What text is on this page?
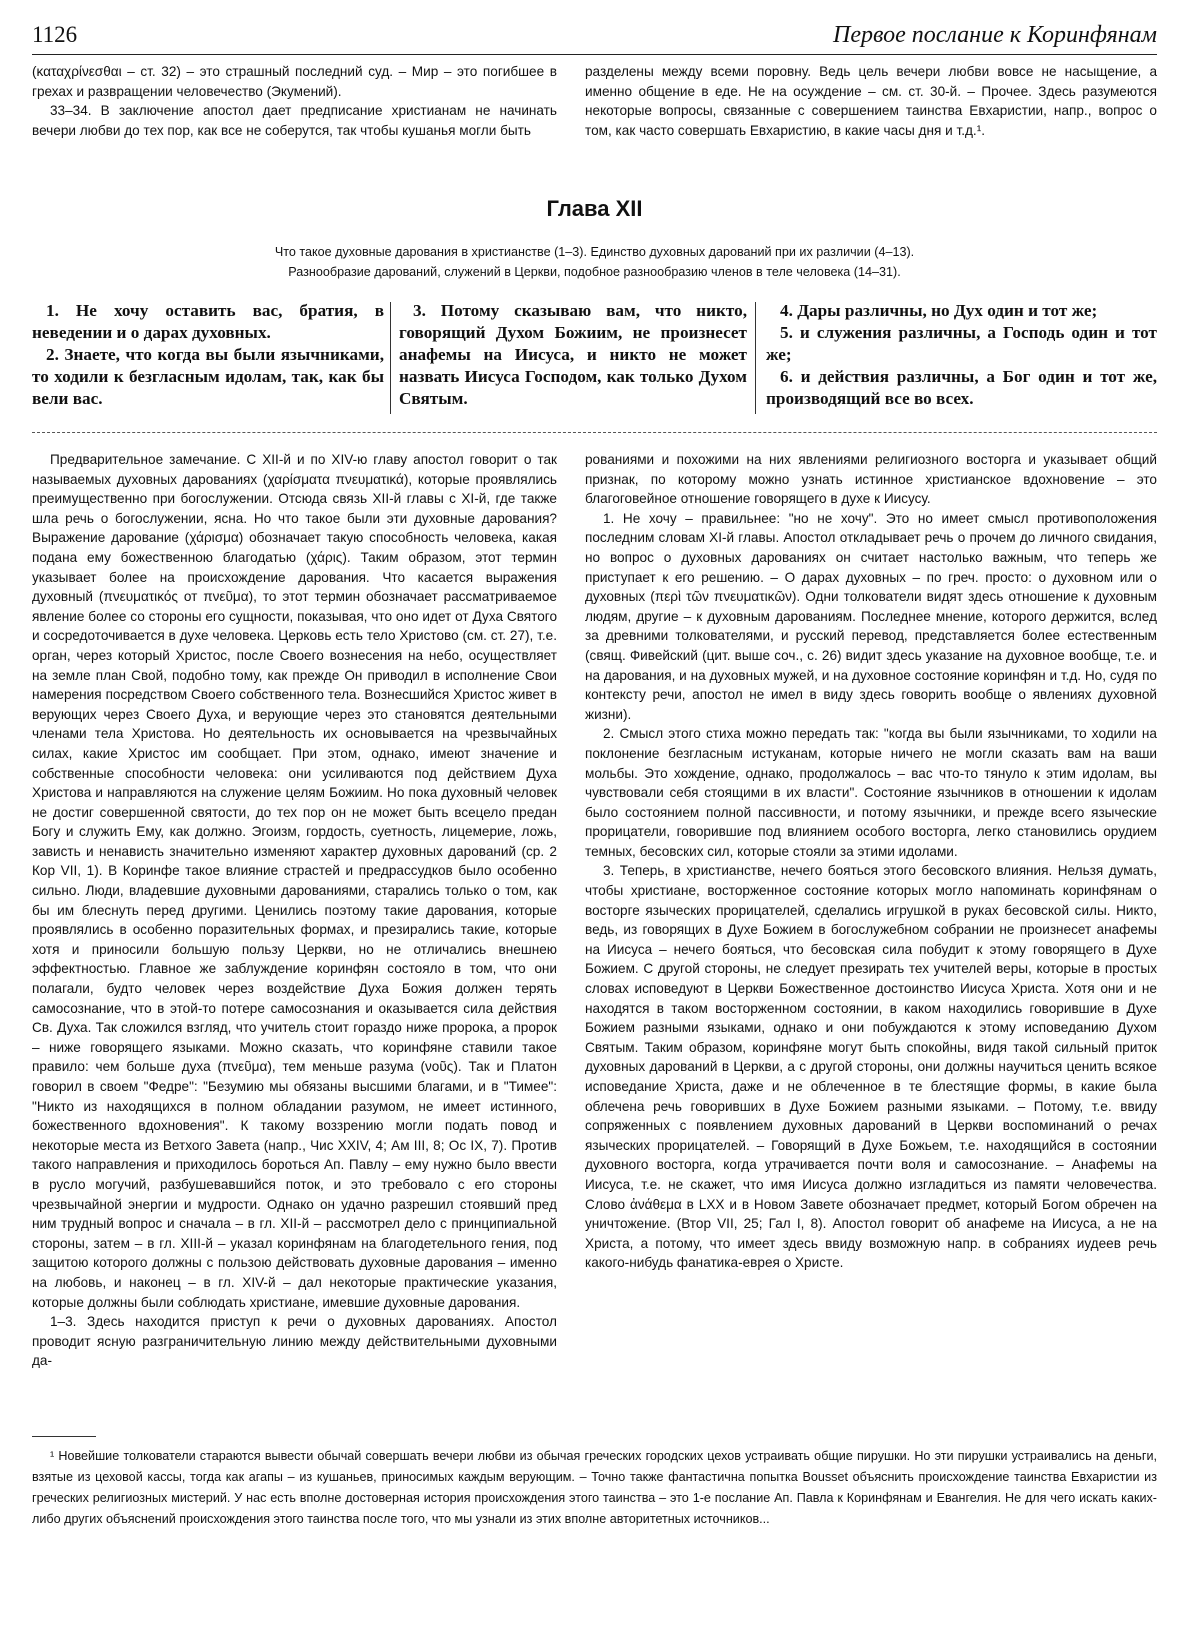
1126	Первое послание к Коринфянам

(καταχρίνεσθαι – ст. 32) – это страшный последний суд. – Мир – это погибшее в грехах и развращении человечество (Экумений).

33–34. В заключение апостол дает предписание христианам не начинать вечери любви до тех пор, как все не соберутся, так чтобы кушанья могли быть

разделены между всеми поровну. Ведь цель вечери любви вовсе не насыщение, а именно общение в еде. Не на осуждение – см. ст. 30-й. – Прочее. Здесь разумеются некоторые вопросы, связанные с совершением таинства Евхаристии, напр., вопрос о том, как часто совершать Евхаристию, в какие часы дня и т.д.¹.

Глава XII
Что такое духовные дарования в христианстве (1–3). Единство духовных дарований при их различии (4–13).
Разнообразие дарований, служений в Церкви, подобное разнообразию членов в теле человека (14–31).

1. Не хочу оставить вас, братия, в неведении и о дарах духовных.

2. Знаете, что когда вы были язычниками, то ходили к безгласным идолам, так, как бы вели вас.

3. Потому сказываю вам, что никто, говорящий Духом Божиим, не произнесет анафемы на Иисуса, и никто не может назвать Иисуса Господом, как только Духом Святым.

4. Дары различны, но Дух один и тот же;

5. и служения различны, а Господь один и тот же;

6. и действия различны, а Бог один и тот же, производящий все во всех.

Предварительное замечание. С XII-й и по XIV-ю главу апостол говорит о так называемых духовных дарованиях (χαρίσματα πνευματικά), которые проявлялись преимущественно при богослужении. Отсюда связь XII-й главы с XI-й, где также шла речь о богослужении, ясна. Но что такое были эти духовные дарования? Выражение дарование (χάρισμα) обозначает такую способность человека, какая подана ему божественною благодатью (χάρις). Таким образом, этот термин указывает более на происхождение дарования. Что касается выражения духовный (πνευματικός от πνεῦμα), то этот термин обозначает рассматриваемое явление более со стороны его сущности, показывая, что оно идет от Духа Святого и сосредоточивается в духе человека. Церковь есть тело Христово (см. ст. 27), т.е. орган, через который Христос, после Своего вознесения на небо, осуществляет на земле план Свой, подобно тому, как прежде Он приводил в исполнение Свои намерения посредством Своего собственного тела. Вознесшийся Христос живет в верующих через Своего Духа, и верующие через это становятся деятельными членами тела Христова. Но деятельность их основывается на чрезвычайных силах, какие Христос им сообщает. При этом, однако, имеют значение и собственные способности человека: они усиливаются под действием Духа Христова и направляются на служение целям Божиим. Но пока духовный человек не достиг совершенной святости, до тех пор он не может быть всецело предан Богу и служить Ему, как должно. Эгоизм, гордость, суетность, лицемерие, ложь, зависть и ненависть значительно изменяют характер духовных дарований (ср. 2 Кор VII, 1). В Коринфе такое влияние страстей и предрассудков было особенно сильно. Люди, владевшие духовными дарованиями, старались только о том, как бы им блеснуть перед другими. Ценились поэтому такие дарования, которые проявлялись в особенно поразительных формах, и презирались такие, которые хотя и приносили большую пользу Церкви, но не отличались внешнею эффектностью. Главное же заблуждение коринфян состояло в том, что они полагали, будто человек через воздействие Духа Божия должен терять самосознание, что в этой-то потере самосознания и оказывается сила действия Св. Духа. Так сложился взгляд, что учитель стоит гораздо ниже пророка, а пророк – ниже говорящего языками. Можно сказать, что коринфяне ставили такое правило: чем больше духа (πνεῦμα), тем меньше разума (νοῦς). Так и Платон говорил в своем "Федре": "Безумию мы обязаны высшими благами, и в "Тимее": "Никто из находящихся в полном обладании разумом, не имеет истинного, божественного вдохновения". К такому воззрению могли подать повод и некоторые места из Ветхого Завета (напр., Чис XXIV, 4; Ам III, 8; Ос IX, 7). Против такого направления и приходилось бороться Ап. Павлу – ему нужно было ввести в русло могучий, разбушевавшийся поток, и это требовало с его стороны чрезвычайной энергии и мудрости. Однако он удачно разрешил стоявший пред ним трудный вопрос и сначала – в гл. XII-й – рассмотрел дело с принципиальной стороны, затем – в гл. XIII-й – указал коринфянам на благодетельного гения, под защитою которого должны с пользою действовать духовные дарования – именно на любовь, и наконец – в гл. XIV-й – дал некоторые практические указания, которые должны были соблюдать христиане, имевшие духовные дарования.

1–3. Здесь находится приступ к речи о духовных дарованиях. Апостол проводит ясную разграничительную линию между действительными духовными да-

рованиями и похожими на них явлениями религиозного восторга и указывает общий признак, по которому можно узнать истинное христианское вдохновение – это благоговейное отношение говорящего в духе к Иисусу.

1. Не хочу – правильнее: "но не хочу". Это но имеет смысл противоположения последним словам XI-й главы. Апостол откладывает речь о прочем до личного свидания, но вопрос о духовных дарованиях он считает настолько важным, что теперь же приступает к его решению. – О дарах духовных – по греч. просто: о духовном или о духовных (περὶ τῶν πνευματικῶν). Одни толкователи видят здесь отношение к духовным людям, другие – к духовным дарованиям. Последнее мнение, которого держится, вслед за древними толкователями, и русский перевод, представляется более естественным (свящ. Фивейский (цит. выше соч., с. 26) видит здесь указание на духовное вообще, т.е. и на дарования, и на духовных мужей, и на духовное состояние коринфян и т.д. Но, судя по контексту речи, апостол не имел в виду здесь говорить вообще о явлениях духовной жизни).

2. Смысл этого стиха можно передать так: "когда вы были язычниками, то ходили на поклонение безгласным истуканам, которые ничего не могли сказать вам на ваши мольбы. Это хождение, однако, продолжалось – вас что-то тянуло к этим идолам, вы чувствовали себя стоящими в их власти". Состояние язычников в отношении к идолам было состоянием полной пассивности, и потому язычники, и прежде всего языческие прорицатели, говорившие под влиянием особого восторга, легко становились орудием темных, бесовских сил, которые стояли за этими идолами.

3. Теперь, в христианстве, нечего бояться этого бесовского влияния. Нельзя думать, чтобы христиане, восторженное состояние которых могло напоминать коринфянам о восторге языческих прорицателей, сделались игрушкой в руках бесовской силы. Никто, ведь, из говорящих в Духе Божием в богослужебном собрании не произнесет анафемы на Иисуса – нечего бояться, что бесовская сила побудит к этому говорящего в Духе Божием. С другой стороны, не следует презирать тех учителей веры, которые в простых словах исповедуют в Церкви Божественное достоинство Иисуса Христа. Хотя они и не находятся в таком восторженном состоянии, в каком находились говорившие в Духе Божием разными языками, однако и они побуждаются к этому исповеданию Духом Святым. Таким образом, коринфяне могут быть спокойны, видя такой сильный приток духовных дарований в Церкви, а с другой стороны, они должны научиться ценить всякое исповедание Христа, даже и не облеченное в те блестящие формы, в какие была облечена речь говоривших в Духе Божием разными языками. – Потому, т.е. ввиду сопряженных с появлением духовных дарований в Церкви воспоминаний о речах языческих прорицателей. – Говорящий в Духе Божьем, т.е. находящийся в состоянии духовного восторга, когда утрачивается почти воля и самосознание. – Анафемы на Иисуса, т.е. не скажет, что имя Иисуса должно изгладиться из памяти человечества. Слово ἀνάθεμα в LXX и в Новом Завете обозначает предмет, который Богом обречен на уничтожение. (Втор VII, 25; Гал I, 8). Апостол говорит об анафеме на Иисуса, а не на Христа, а потому, что имеет здесь ввиду возможную напр. в собраниях иудеев речь какого-нибудь фанатика-еврея о Христе.

¹ Новейшие толкователи стараются вывести обычай совершать вечери любви из обычая греческих городских цехов устраивать общие пирушки. Но эти пирушки устраивались на деньги, взятые из цеховой кассы, тогда как агапы – из кушаньев, приносимых каждым верующим. – Точно также фантастична попытка Bousset объяснить происхождение таинства Евхаристии из греческих религиозных мистерий. У нас есть вполне достоверная история происхождения этого таинства – это 1-е послание Ап. Павла к Коринфянам и Евангелия. Не для чего искать каких-либо других объяснений происхождения этого таинства после того, что мы узнали из этих вполне авторитетных источников...
